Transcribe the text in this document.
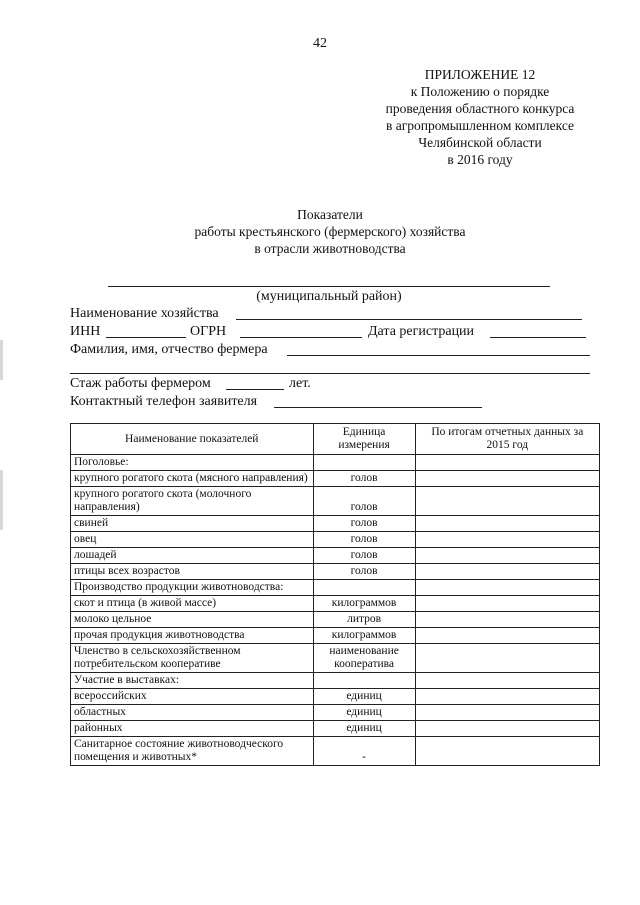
42
ПРИЛОЖЕНИЕ 12
к Положению о порядке
проведения областного конкурса
в агропромышленном комплексе
Челябинской области
в 2016 году
Показатели
работы крестьянского (фермерского) хозяйства
в отрасли животноводства
(муниципальный район)
Наименование хозяйства
ИНН	ОГРН	Дата регистрации
Фамилия, имя, отчество фермера
Стаж работы фермером	лет.
Контактный телефон заявителя
Наименование показателей	Единица измерения	По итогам отчетных данных за 2015 год
Поголовье:		
крупного рогатого скота (мясного направления)	голов	
крупного рогатого скота (молочного направления)	голов	
свиней	голов	
овец	голов	
лошадей	голов	
птицы всех возрастов	голов	
Производство продукции животноводства:		
скот и птица (в живой массе)	килограммов	
молоко цельное	литров	
прочая продукция животноводства	килограммов	
Членство в сельскохозяйственном потребительском кооперативе	наименование кооператива	
Участие в выставках:		
всероссийских	единиц	
областных	единиц	
районных	единиц	
Санитарное состояние животноводческого помещения и животных*	-	
